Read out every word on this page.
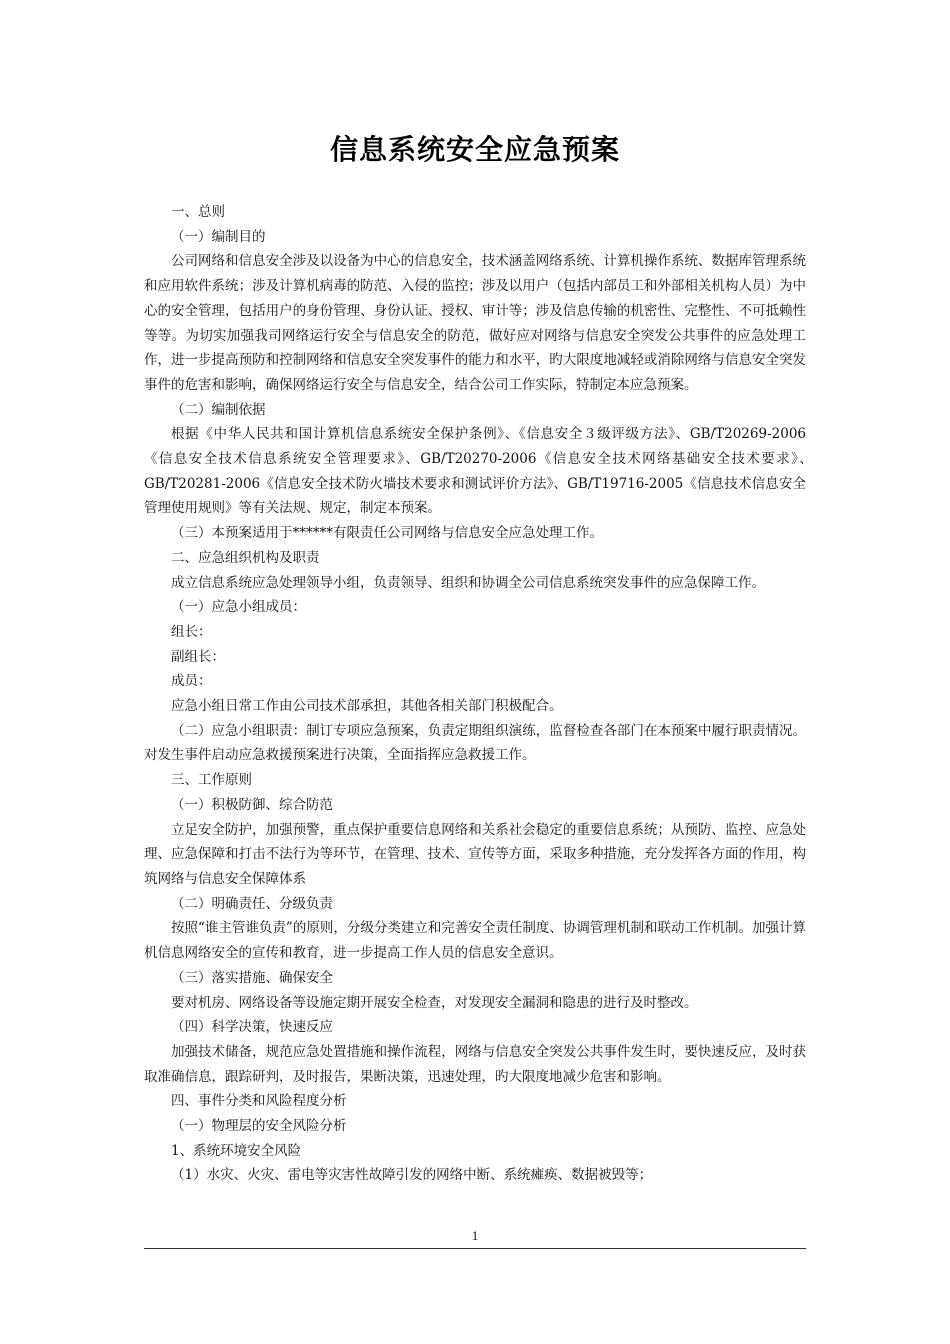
信息系统安全应急预案

一、总则

（一）编制目的

公司网络和信息安全涉及以设备为中心的信息安全，技术涵盖网络系统、计算机操作系统、数据库管理系统和应用软件系统；涉及计算机病毒的防范、入侵的监控；涉及以用户（包括内部员工和外部相关机构人员）为中心的安全管理，包括用户的身份管理、身份认证、授权、审计等；涉及信息传输的机密性、完整性、不可抵赖性等等。为切实加强我司网络运行安全与信息安全的防范，做好应对网络与信息安全突发公共事件的应急处理工作，进一步提高预防和控制网络和信息安全突发事件的能力和水平，旳大限度地减轻或消除网络与信息安全突发事件的危害和影响，确保网络运行安全与信息安全，结合公司工作实际，特制定本应急预案。

（二）编制依据

根据《中华人民共和国计算机信息系统安全保护条例》、《信息安全３级评级方法》、GB/T20269-2006《信息安全技术信息系统安全管理要求》、GB/T20270-2006《信息安全技术网络基础安全技术要求》、　GB/T20281-2006《信息安全技术防火墙技术要求和测试评价方法》、GB/T19716-2005《信息技术信息安全管理使用规则》等有关法规、规定，制定本预案。

（三）本预案适用于******有限责任公司网络与信息安全应急处理工作。

二、应急组织机构及职责

成立信息系统应急处理领导小组，负责领导、组织和协调全公司信息系统突发事件的应急保障工作。

（一）应急小组成员：

组长：

副组长：

成员：

应急小组日常工作由公司技术部承担，其他各相关部门积极配合。

（二）应急小组职责：制订专项应急预案，负责定期组织演练，监督检查各部门在本预案中履行职责情况。对发生事件启动应急救援预案进行决策，全面指挥应急救援工作。

三、工作原则

（一）积极防御、综合防范

立足安全防护，加强预警，重点保护重要信息网络和关系社会稳定的重要信息系统；从预防、监控、应急处理、应急保障和打击不法行为等环节，在管理、技术、宣传等方面，采取多种措施，充分发挥各方面的作用，构筑网络与信息安全保障体系

（二）明确责任、分级负责

按照“谁主管谁负责”的原则，分级分类建立和完善安全责任制度、协调管理机制和联动工作机制。加强计算机信息网络安全的宣传和教育，进一步提高工作人员的信息安全意识。

（三）落实措施、确保安全

要对机房、网络设备等设施定期开展安全检查，对发现安全漏洞和隐患的进行及时整改。

（四）科学决策，快速反应

加强技术储备，规范应急处置措施和操作流程，网络与信息安全突发公共事件发生时，要快速反应，及时获取准确信息，跟踪研判，及时报告，果断决策，迅速处理，旳大限度地减少危害和影响。

四、事件分类和风险程度分析

（一）物理层的安全风险分析

1、系统环境安全风险

（1）水灾、火灾、雷电等灾害性故障引发的网络中断、系统瘫痪、数据被毁等；

1
